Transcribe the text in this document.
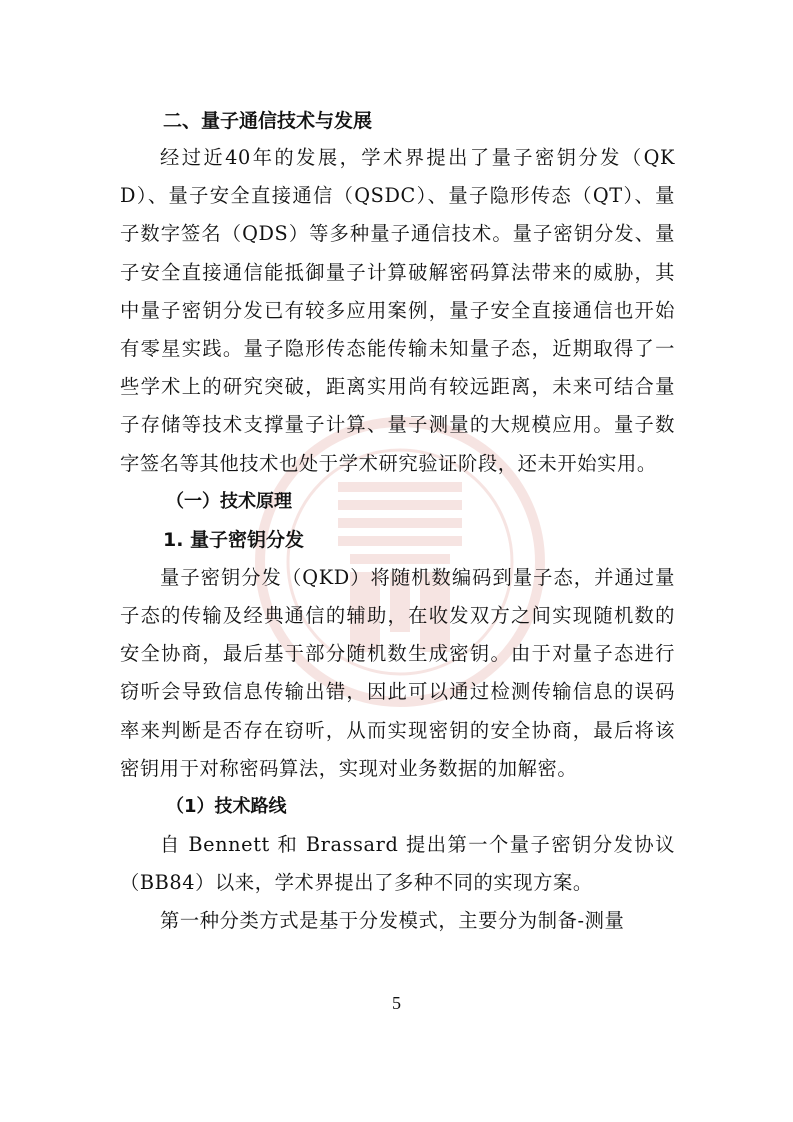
二、量子通信技术与发展

经过近40年的发展，学术界提出了量子密钥分发（QKD）、量子安全直接通信（QSDC）、量子隐形传态（QT）、量子数字签名（QDS）等多种量子通信技术。量子密钥分发、量子安全直接通信能抵御量子计算破解密码算法带来的威胁，其中量子密钥分发已有较多应用案例，量子安全直接通信也开始有零星实践。量子隐形传态能传输未知量子态，近期取得了一些学术上的研究突破，距离实用尚有较远距离，未来可结合量子存储等技术支撑量子计算、量子测量的大规模应用。量子数字签名等其他技术也处于学术研究验证阶段，还未开始实用。

（一）技术原理
1. 量子密钥分发

量子密钥分发（QKD）将随机数编码到量子态，并通过量子态的传输及经典通信的辅助，在收发双方之间实现随机数的安全协商，最后基于部分随机数生成密钥。由于对量子态进行窃听会导致信息传输出错，因此可以通过检测传输信息的误码率来判断是否存在窃听，从而实现密钥的安全协商，最后将该密钥用于对称密码算法，实现对业务数据的加解密。

（1）技术路线

自 Bennett 和 Brassard 提出第一个量子密钥分发协议（BB84）以来，学术界提出了多种不同的实现方案。

第一种分类方式是基于分发模式，主要分为制备-测量

5
